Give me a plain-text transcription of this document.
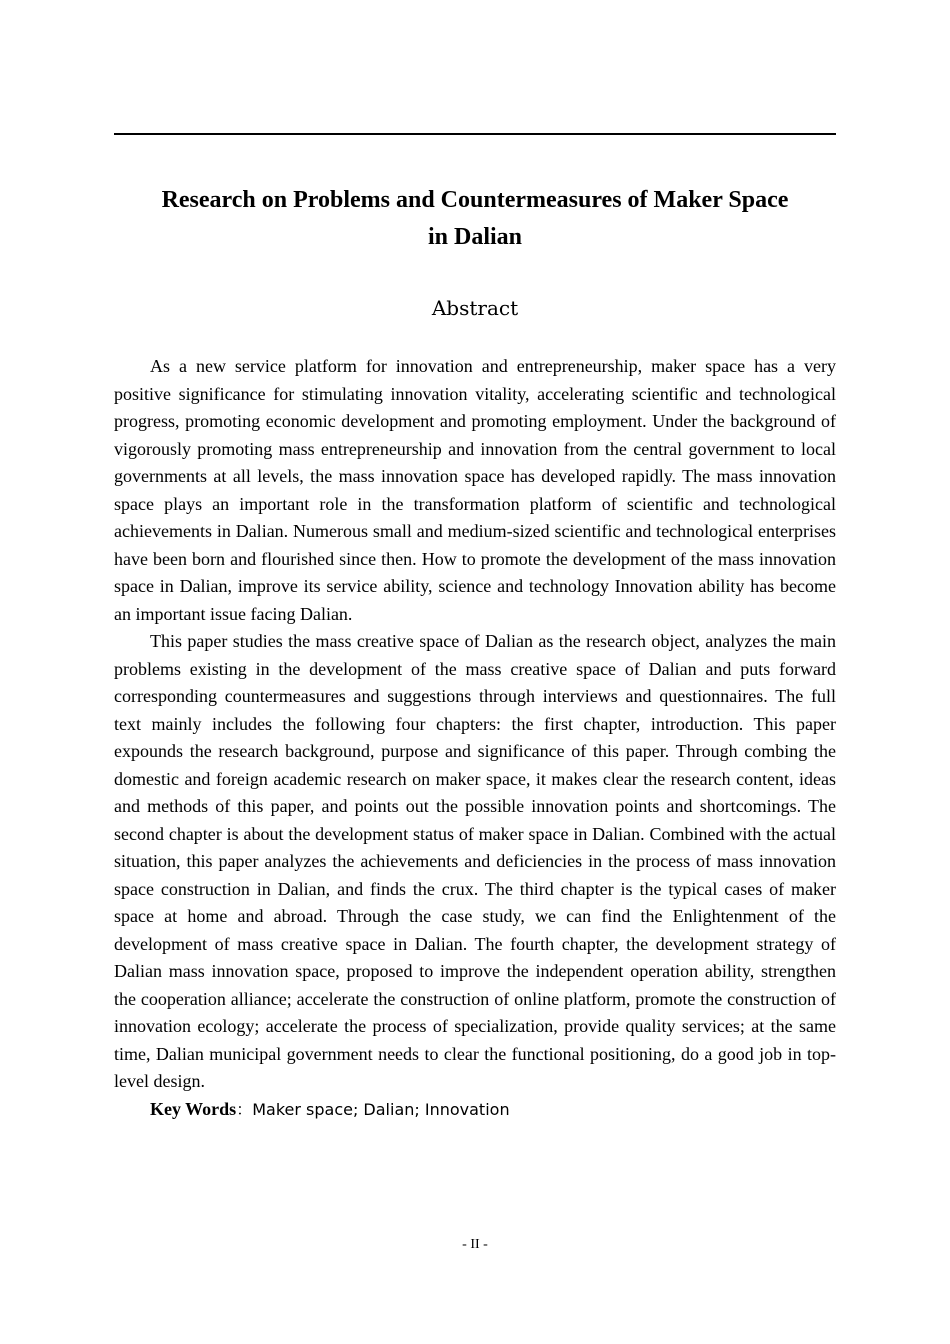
Research on Problems and Countermeasures of Maker Space
in Dalian
Abstract

As a new service platform for innovation and entrepreneurship, maker space has a very positive significance for stimulating innovation vitality, accelerating scientific and technological progress, promoting economic development and promoting employment. Under the background of vigorously promoting mass entrepreneurship and innovation from the central government to local governments at all levels, the mass innovation space has developed rapidly. The mass innovation space plays an important role in the transformation platform of scientific and technological achievements in Dalian. Numerous small and medium-sized scientific and technological enterprises have been born and flourished since then. How to promote the development of the mass innovation space in Dalian, improve its service ability, science and technology Innovation ability has become an important issue facing Dalian.

This paper studies the mass creative space of Dalian as the research object, analyzes the main problems existing in the development of the mass creative space of Dalian and puts forward corresponding countermeasures and suggestions through interviews and questionnaires. The full text mainly includes the following four chapters: the first chapter, introduction. This paper expounds the research background, purpose and significance of this paper. Through combing the domestic and foreign academic research on maker space, it makes clear the research content, ideas and methods of this paper, and points out the possible innovation points and shortcomings. The second chapter is about the development status of maker space in Dalian. Combined with the actual situation, this paper analyzes the achievements and deficiencies in the process of mass innovation space construction in Dalian, and finds the crux. The third chapter is the typical cases of maker space at home and abroad. Through the case study, we can find the Enlightenment of the development of mass creative space in Dalian. The fourth chapter, the development strategy of Dalian mass innovation space, proposed to improve the independent operation ability, strengthen the cooperation alliance; accelerate the construction of online platform, promote the construction of innovation ecology; accelerate the process of specialization, provide quality services; at the same time, Dalian municipal government needs to clear the functional positioning, do a good job in top-level design.

Key Words：Maker space; Dalian; Innovation

- II -
